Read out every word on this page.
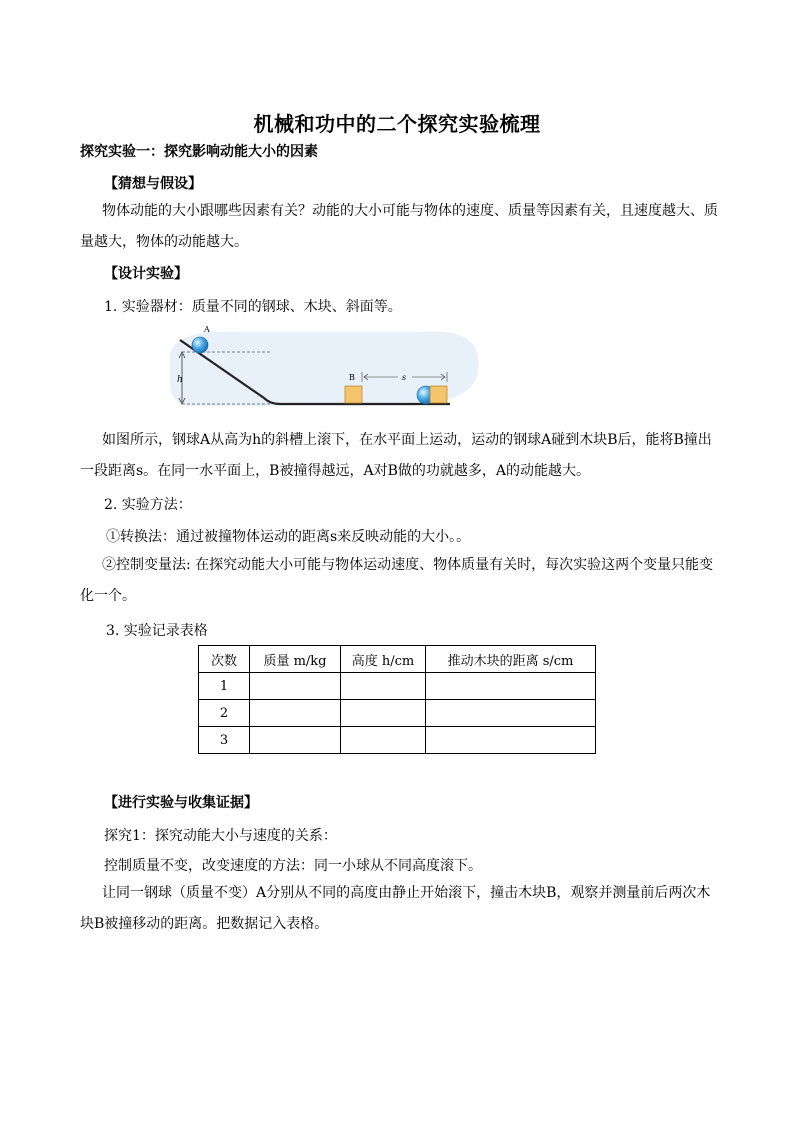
机械和功中的二个探究实验梳理
探究实验一：探究影响动能大小的因素
【猜想与假设】
物体动能的大小跟哪些因素有关？动能的大小可能与物体的速度、质量等因素有关，且速度越大、质量越大，物体的动能越大。
【设计实验】
1. 实验器材：质量不同的钢球、木块、斜面等。
h
A
B	s
如图所示，钢球A从高为h的斜槽上滚下，在水平面上运动，运动的钢球A碰到木块B后，能将B撞出一段距离s。在同一水平面上，B被撞得越远，A对B做的功就越多，A的动能越大。
2. 实验方法：
①转换法：通过被撞物体运动的距离s来反映动能的大小。。
②控制变量法: 在探究动能大小可能与物体运动速度、物体质量有关时，每次实验这两个变量只能变化一个。
3. 实验记录表格
次数	质量 m/kg	高度 h/cm	推动木块的距离 s/cm
1			
2			
3			
【进行实验与收集证据】
探究1：探究动能大小与速度的关系：
控制质量不变，改变速度的方法：同一小球从不同高度滚下。
让同一钢球（质量不变）A分别从不同的高度由静止开始滚下，撞击木块B，观察并测量前后两次木块B被撞移动的距离。把数据记入表格。
